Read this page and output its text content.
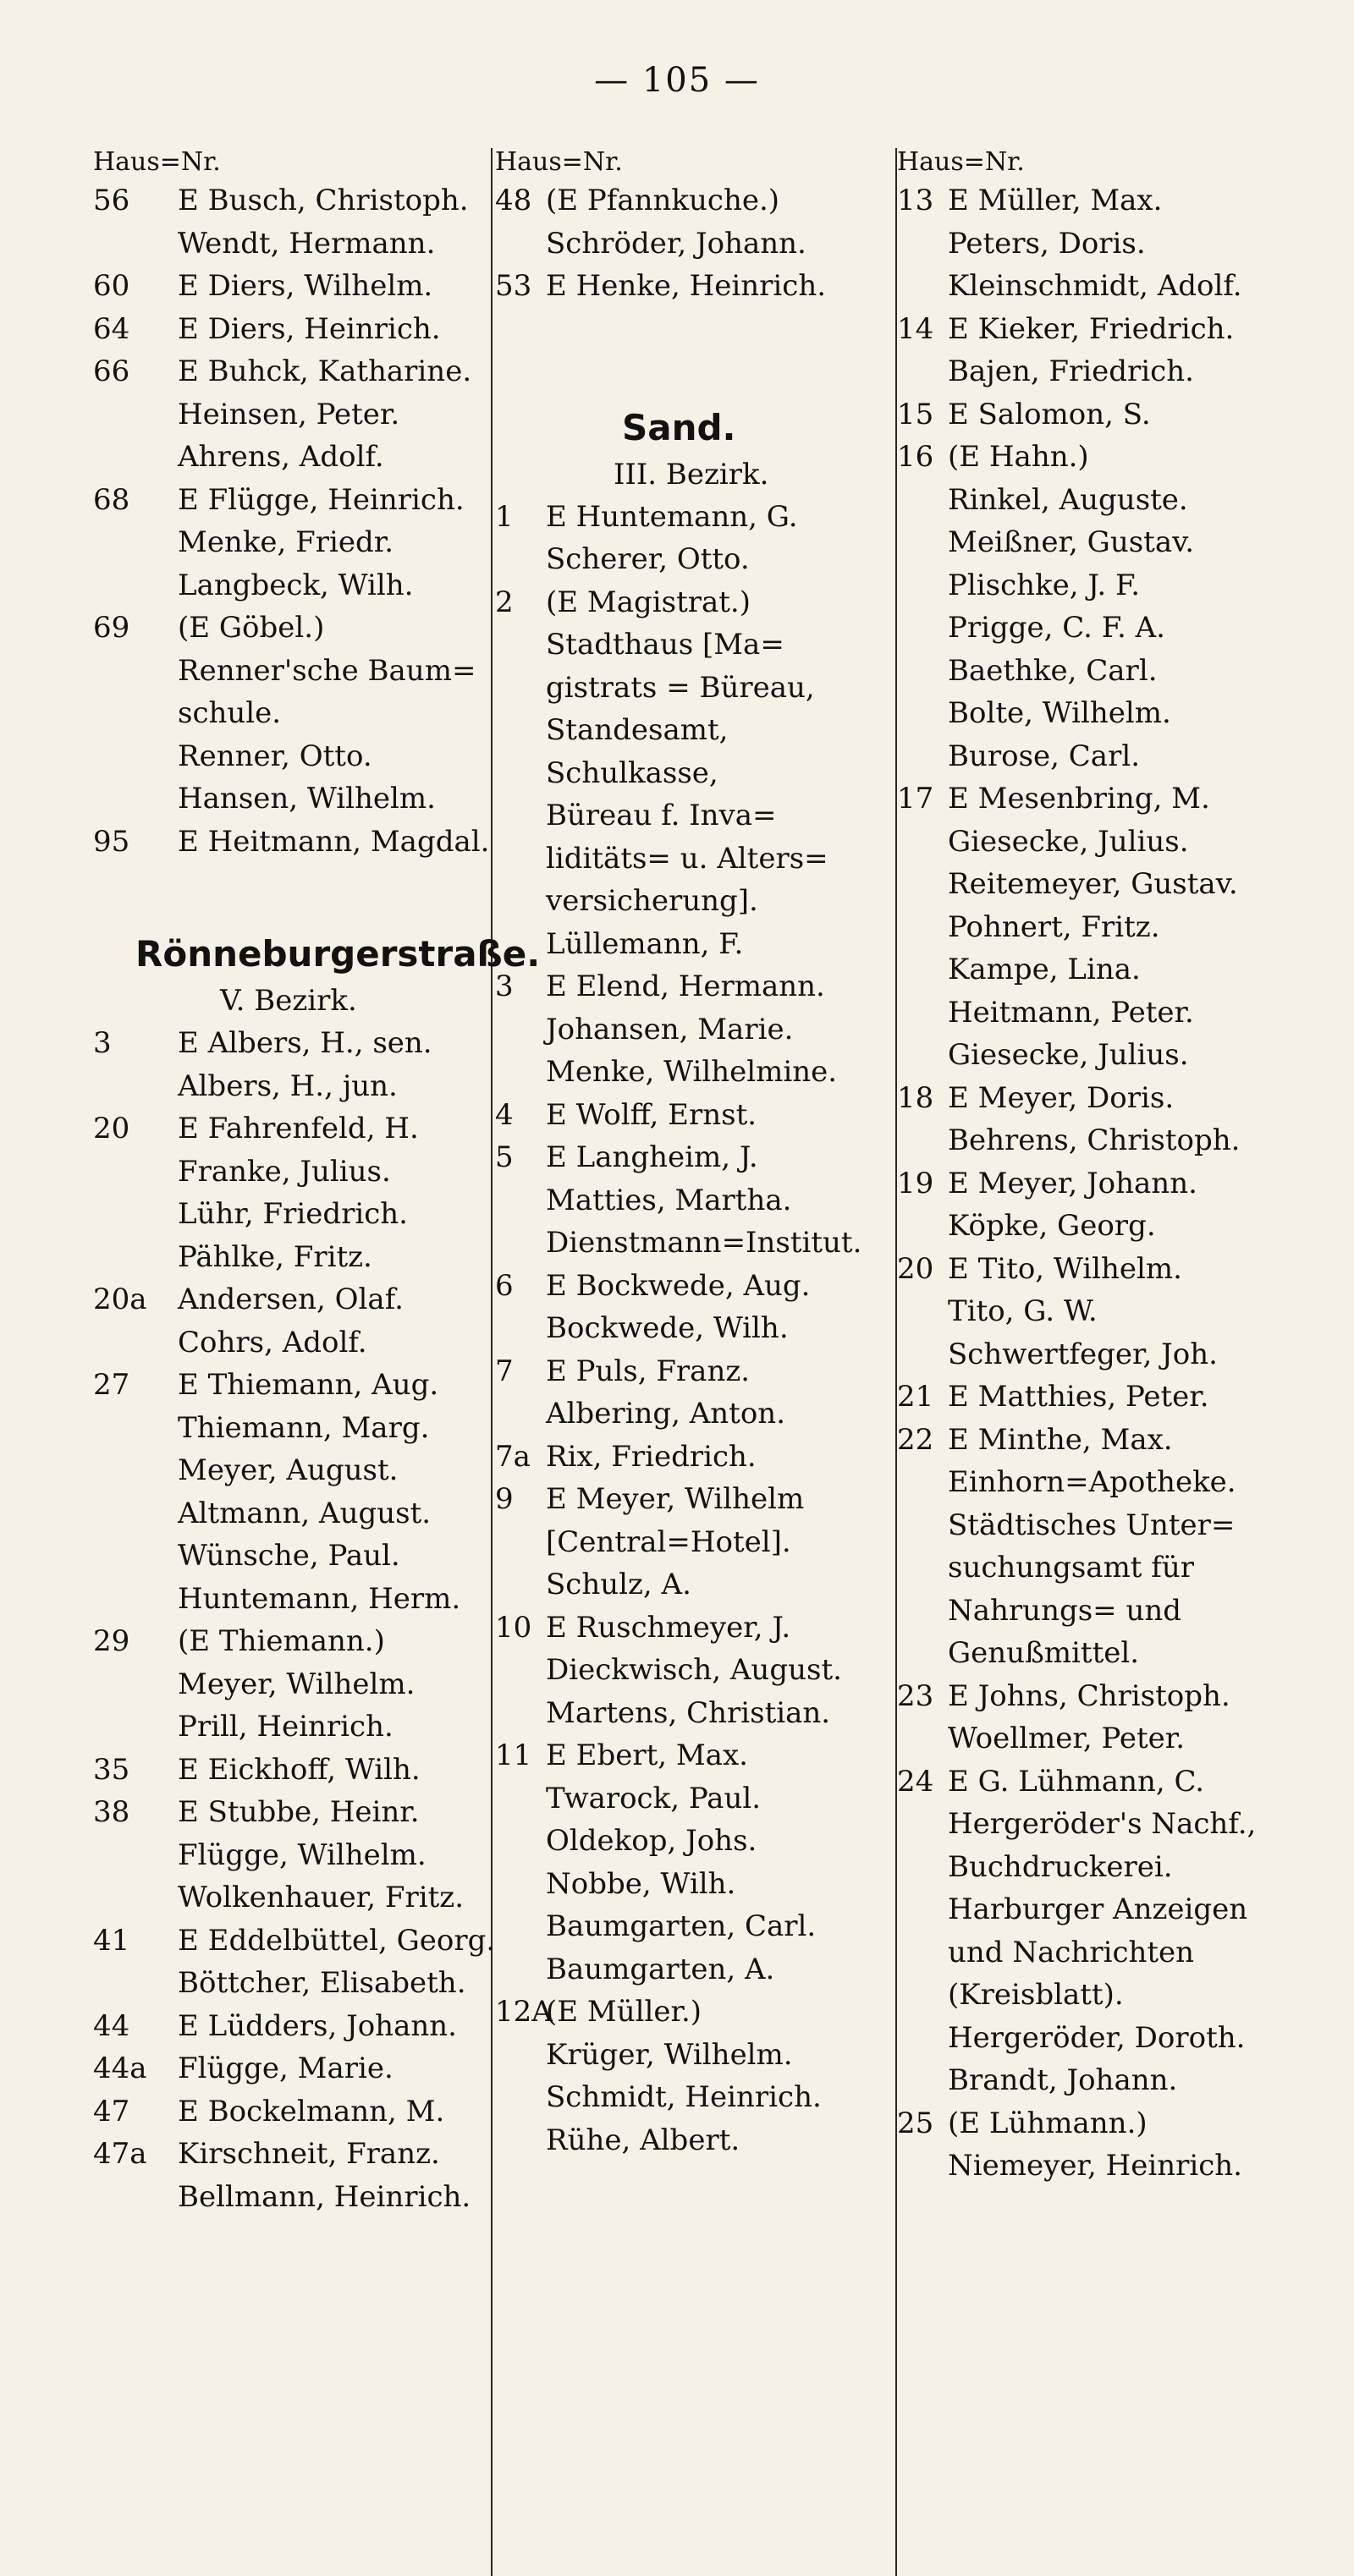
— 105 —
Haus=Nr.
56 E Busch, Christoph.
Wendt, Hermann.
60 E Diers, Wilhelm.
64 E Diers, Heinrich.
66 E Buhck, Katharine.
Heinsen, Peter.
Ahrens, Adolf.
68 E Flügge, Heinrich.
Menke, Friedr.
Langbeck, Wilh.
69 (E Göbel.)
Renner'sche Baum=
schule.
Renner, Otto.
Hansen, Wilhelm.
95 E Heitmann, Magdal.
Rönneburgerstraße.
V. Bezirk.
3 E Albers, H., sen.
Albers, H., jun.
20 E Fahrenfeld, H.
Franke, Julius.
Lühr, Friedrich.
Pählke, Fritz.
20a Andersen, Olaf.
Cohrs, Adolf.
27 E Thiemann, Aug.
Thiemann, Marg.
Meyer, August.
Altmann, August.
Wünsche, Paul.
Huntemann, Herm.
29 (E Thiemann.)
Meyer, Wilhelm.
Prill, Heinrich.
35 E Eickhoff, Wilh.
38 E Stubbe, Heinr.
Flügge, Wilhelm.
Wolkenhauer, Fritz.
41 E Eddelbüttel, Georg.
Böttcher, Elisabeth.
44 E Lüdders, Johann.
44a Flügge, Marie.
47 E Bockelmann, M.
47a Kirschneit, Franz.
Bellmann, Heinrich.
Haus=Nr.
48 (E Pfannkuche.)
Schröder, Johann.
53 E Henke, Heinrich.
Sand.
III. Bezirk.
1 E Huntemann, G.
Scherer, Otto.
2 (E Magistrat.)
Stadthaus [Ma=
gistrats = Büreau,
Standesamt,
Schulkasse,
Büreau f. Inva=
liditäts= u. Alters=
versicherung].
Lüllemann, F.
3 E Elend, Hermann.
Johansen, Marie.
Menke, Wilhelmine.
4 E Wolff, Ernst.
5 E Langheim, J.
Matties, Martha.
Dienstmann=Institut.
6 E Bockwede, Aug.
Bockwede, Wilh.
7 E Puls, Franz.
Albering, Anton.
7a Rix, Friedrich.
9 E Meyer, Wilhelm
[Central=Hotel].
Schulz, A.
10 E Ruschmeyer, J.
Dieckwisch, August.
Martens, Christian.
11 E Ebert, Max.
Twarock, Paul.
Oldekop, Johs.
Nobbe, Wilh.
Baumgarten, Carl.
Baumgarten, A.
12A(E Müller.)
Krüger, Wilhelm.
Schmidt, Heinrich.
Rühe, Albert.
Haus=Nr.
13 E Müller, Max.
Peters, Doris.
Kleinschmidt, Adolf.
14 E Kieker, Friedrich.
Bajen, Friedrich.
15 E Salomon, S.
16 (E Hahn.)
Rinkel, Auguste.
Meißner, Gustav.
Plischke, J. F.
Prigge, C. F. A.
Baethke, Carl.
Bolte, Wilhelm.
Burose, Carl.
17 E Mesenbring, M.
Giesecke, Julius.
Reitemeyer, Gustav.
Pohnert, Fritz.
Kampe, Lina.
Heitmann, Peter.
Giesecke, Julius.
18 E Meyer, Doris.
Behrens, Christoph.
19 E Meyer, Johann.
Köpke, Georg.
20 E Tito, Wilhelm.
Tito, G. W.
Schwertfeger, Joh.
21 E Matthies, Peter.
22 E Minthe, Max.
Einhorn=Apotheke.
Städtisches Unter=
suchungsamt für
Nahrungs= und
Genußmittel.
23 E Johns, Christoph.
Woellmer, Peter.
24 E G. Lühmann, C.
Hergeröder's Nachf.,
Buchdruckerei.
Harburger Anzeigen
und Nachrichten
(Kreisblatt).
Hergeröder, Doroth.
Brandt, Johann.
25 (E Lühmann.)
Niemeyer, Heinrich.
